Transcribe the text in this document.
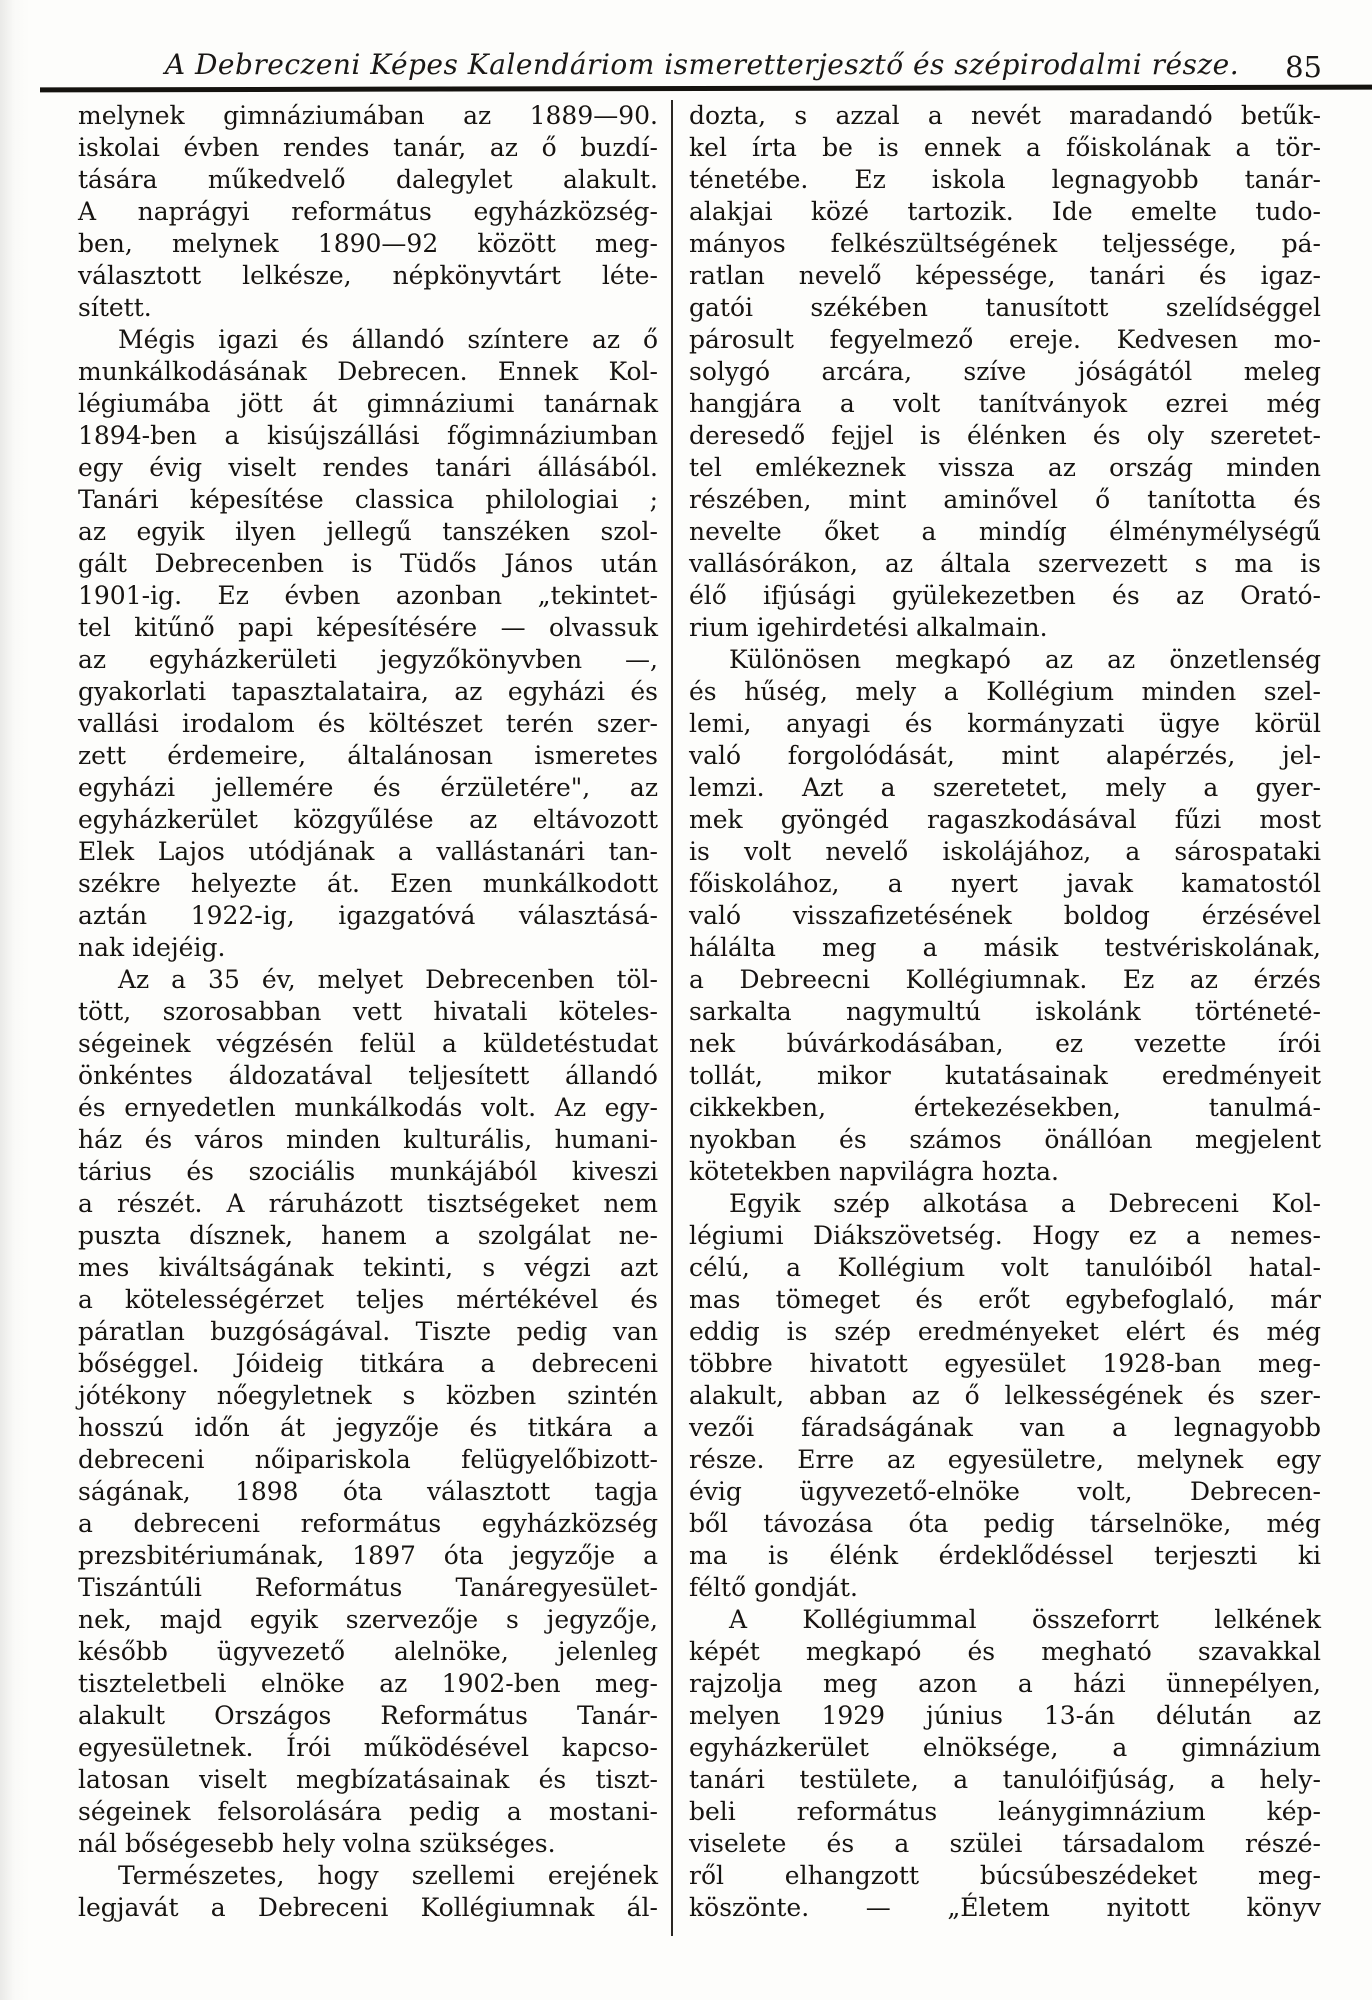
A Debreczeni Képes Kalendáriom ismeretterjesztő és szépirodalmi része.	85
melynek gimnáziumában az 1889—90.
iskolai évben rendes tanár, az ő buzdí-
tására műkedvelő dalegylet alakult.
A naprágyi református egyházközség-
ben, melynek 1890—92 között meg-
választott lelkésze, népkönyvtárt léte-
sített.
Mégis igazi és állandó színtere az ő
munkálkodásának Debrecen. Ennek Kol-
légiumába jött át gimnáziumi tanárnak
1894-ben a kisújszállási főgimnáziumban
egy évig viselt rendes tanári állásából.
Tanári képesítése classica philologiai ;
az egyik ilyen jellegű tanszéken szol-
gált Debrecenben is Tüdős János után
1901-ig. Ez évben azonban „tekintet-
tel kitűnő papi képesítésére — olvassuk
az egyházkerületi jegyzőkönyvben —,
gyakorlati tapasztalataira, az egyházi és
vallási irodalom és költészet terén szer-
zett érdemeire, általánosan ismeretes
egyházi jellemére és érzületére", az
egyházkerület közgyűlése az eltávozott
Elek Lajos utódjának a vallástanári tan-
székre helyezte át. Ezen munkálkodott
aztán 1922-ig, igazgatóvá választásá-
nak idejéig.
Az a 35 év, melyet Debrecenben töl-
tött, szorosabban vett hivatali köteles-
ségeinek végzésén felül a küldetéstudat
önkéntes áldozatával teljesített állandó
és ernyedetlen munkálkodás volt. Az egy-
ház és város minden kulturális, humani-
tárius és szociális munkájából kiveszi
a részét. A ráruházott tisztségeket nem
puszta dísznek, hanem a szolgálat ne-
mes kiváltságának tekinti, s végzi azt
a kötelességérzet teljes mértékével és
páratlan buzgóságával. Tiszte pedig van
bőséggel. Jóideig titkára a debreceni
jótékony nőegyletnek s közben szintén
hosszú időn át jegyzője és titkára a
debreceni nőipariskola felügyelőbizott-
ságának, 1898 óta választott tagja
a debreceni református egyházközség
prezsbitériumának, 1897 óta jegyzője a
Tiszántúli Református Tanáregyesület-
nek, majd egyik szervezője s jegyzője,
később ügyvezető alelnöke, jelenleg
tiszteletbeli elnöke az 1902-ben meg-
alakult Országos Református Tanár-
egyesületnek. Írói működésével kapcso-
latosan viselt megbízatásainak és tiszt-
ségeinek felsorolására pedig a mostani-
nál bőségesebb hely volna szükséges.
Természetes, hogy szellemi erejének
legjavát a Debreceni Kollégiumnak ál-
dozta, s azzal a nevét maradandó betűk-
kel írta be is ennek a főiskolának a tör-
ténetébe. Ez iskola legnagyobb tanár-
alakjai közé tartozik. Ide emelte tudo-
mányos felkészültségének teljessége, pá-
ratlan nevelő képessége, tanári és igaz-
gatói székében tanusított szelídséggel
párosult fegyelmező ereje. Kedvesen mo-
solygó arcára, szíve jóságától meleg
hangjára a volt tanítványok ezrei még
deresedő fejjel is élénken és oly szeretet-
tel emlékeznek vissza az ország minden
részében, mint aminővel ő tanította és
nevelte őket a mindíg élménymélységű
vallásórákon, az általa szervezett s ma is
élő ifjúsági gyülekezetben és az Orató-
rium igehirdetési alkalmain.
Különösen megkapó az az önzetlenség
és hűség, mely a Kollégium minden szel-
lemi, anyagi és kormányzati ügye körül
való forgolódását, mint alapérzés, jel-
lemzi. Azt a szeretetet, mely a gyer-
mek gyöngéd ragaszkodásával fűzi most
is volt nevelő iskolájához, a sárospataki
főiskolához, a nyert javak kamatostól
való visszafizetésének boldog érzésével
hálálta meg a másik testvériskolának,
a Debreecni Kollégiumnak. Ez az érzés
sarkalta nagymultú iskolánk történeté-
nek búvárkodásában, ez vezette írói
tollát, mikor kutatásainak eredményeit
cikkekben, értekezésekben, tanulmá-
nyokban és számos önállóan megjelent
kötetekben napvilágra hozta.
Egyik szép alkotása a Debreceni Kol-
légiumi Diákszövetség. Hogy ez a nemes-
célú, a Kollégium volt tanulóiból hatal-
mas tömeget és erőt egybefoglaló, már
eddig is szép eredményeket elért és még
többre hivatott egyesület 1928-ban meg-
alakult, abban az ő lelkességének és szer-
vezői fáradságának van a legnagyobb
része. Erre az egyesületre, melynek egy
évig ügyvezető-elnöke volt, Debrecen-
ből távozása óta pedig társelnöke, még
ma is élénk érdeklődéssel terjeszti ki
féltő gondját.
A Kollégiummal összeforrt lelkének
képét megkapó és megható szavakkal
rajzolja meg azon a házi ünnepélyen,
melyen 1929 június 13-án délután az
egyházkerület elnöksége, a gimnázium
tanári testülete, a tanulóifjúság, a hely-
beli református leánygimnázium kép-
viselete és a szülei társadalom részé-
ről elhangzott búcsúbeszédeket meg-
köszönte. — „Életem nyitott könyv
